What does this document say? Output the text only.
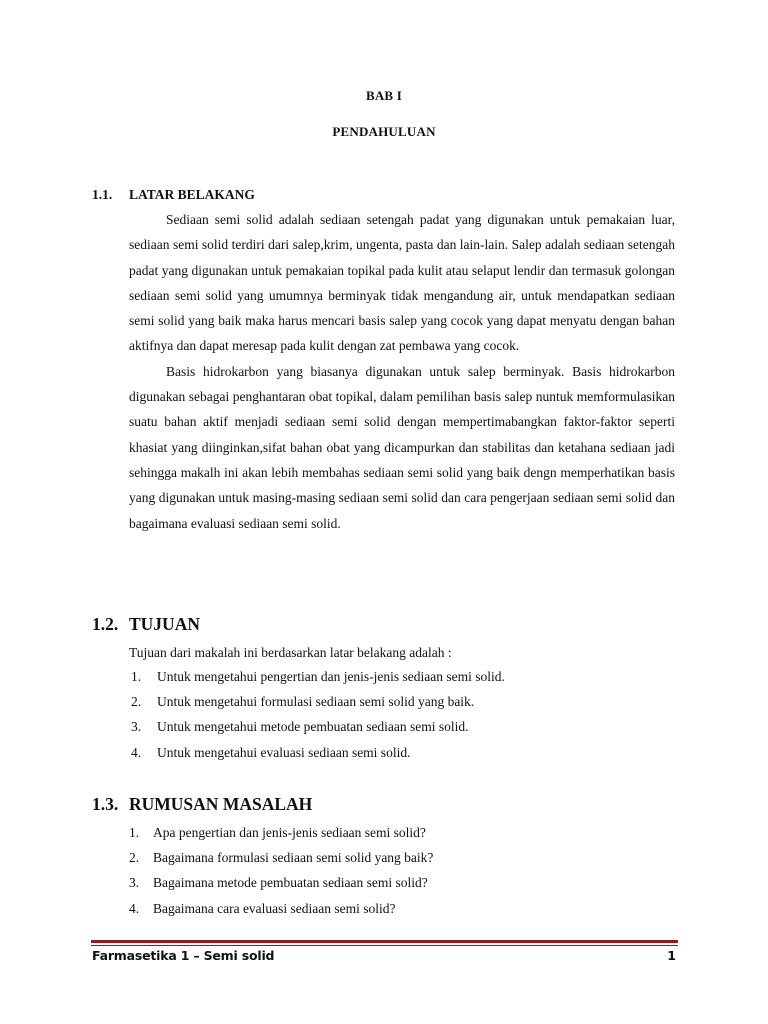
BAB I
PENDAHULUAN
1.1. LATAR BELAKANG

Sediaan semi solid adalah sediaan setengah padat yang digunakan untuk pemakaian luar, sediaan semi solid terdiri dari salep,krim, ungenta, pasta dan lain-lain. Salep adalah sediaan setengah padat yang digunakan untuk pemakaian topikal pada kulit atau selaput lendir dan termasuk golongan sediaan semi solid yang umumnya berminyak tidak mengandung air, untuk mendapatkan sediaan semi solid yang baik maka harus mencari basis salep yang cocok yang dapat menyatu dengan bahan aktifnya dan dapat meresap pada kulit dengan zat pembawa yang cocok.

Basis hidrokarbon yang biasanya digunakan untuk salep berminyak. Basis hidrokarbon digunakan sebagai penghantaran obat topikal, dalam pemilihan basis salep nuntuk memformulasikan suatu bahan aktif menjadi sediaan semi solid dengan mempertimabangkan faktor-faktor seperti khasiat yang diinginkan,sifat bahan obat yang dicampurkan dan stabilitas dan ketahana sediaan jadi sehingga makalh ini akan lebih membahas sediaan semi solid yang baik dengn memperhatikan basis yang digunakan untuk masing-masing sediaan semi solid dan cara pengerjaan sediaan semi solid dan bagaimana evaluasi sediaan semi solid.

1.2. TUJUAN
Tujuan dari makalah ini berdasarkan latar belakang adalah :
1. Untuk mengetahui pengertian dan jenis-jenis sediaan semi solid.
2. Untuk mengetahui formulasi sediaan semi solid yang baik.
3. Untuk mengetahui metode pembuatan sediaan semi solid.
4. Untuk mengetahui evaluasi sediaan semi solid.
1.3. RUMUSAN MASALAH
1. Apa pengertian dan jenis-jenis sediaan semi solid?
2. Bagaimana formulasi sediaan semi solid yang baik?
3. Bagaimana metode pembuatan sediaan semi solid?
4. Bagaimana cara evaluasi sediaan semi solid?
Farmasetika 1 – Semi solid	1
